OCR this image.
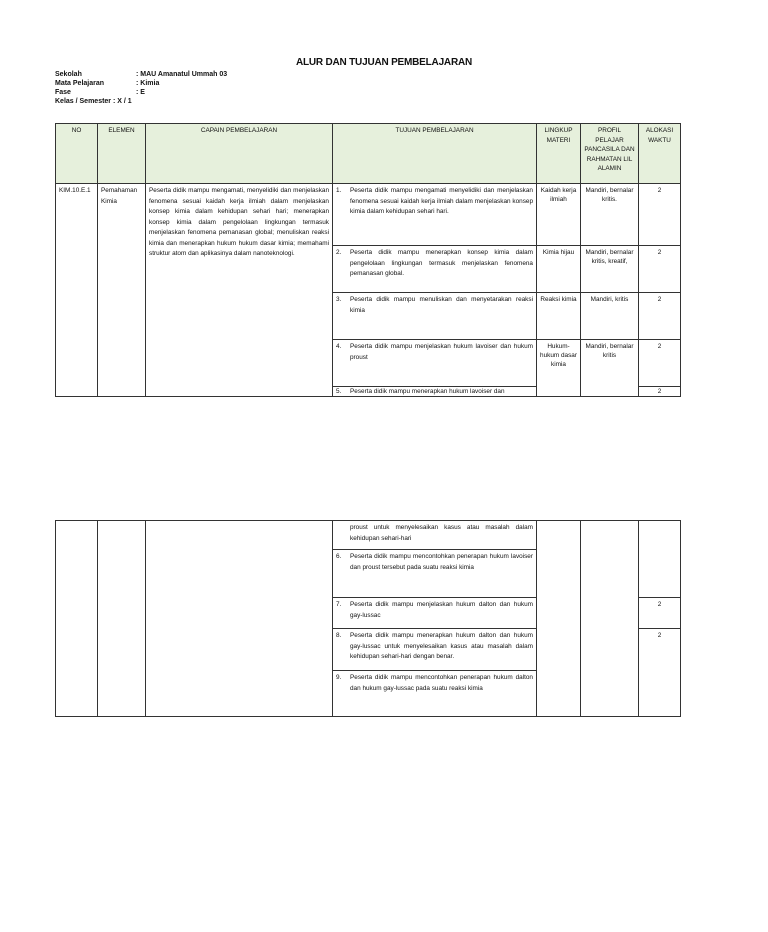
ALUR DAN TUJUAN PEMBELAJARAN
Sekolah	: MAU Amanatul Ummah 03
Mata Pelajaran	: Kimia
Fase	: E
Kelas / Semester : X / 1
NO	ELEMEN	CAPAIN PEMBELAJARAN	TUJUAN PEMBELAJARAN	LINGKUP MATERI	PROFIL PELAJAR PANCASILA DAN RAHMATAN LIL ALAMIN	ALOKASI WAKTU
KIM.10.E.1	Pemahaman Kimia	Peserta didik mampu mengamati, menyelidiki dan menjelaskan fenomena sesuai kaidah kerja ilmiah dalam menjelaskan konsep kimia dalam kehidupan sehari hari; menerapkan konsep kimia dalam pengelolaan lingkungan termasuk menjelaskan fenomena pemanasan global; menuliskan reaksi kimia dan menerapkan hukum hukum dasar kimia; memahami struktur atom dan aplikasinya dalam nanoteknologi.	1. Peserta didik mampu mengamati menyelidiki dan menjelaskan fenomena sesuai kaidah kerja ilmiah dalam menjelaskan konsep kimia dalam kehidupan sehari hari.	Kaidah kerja ilmiah	Mandiri, bernalar kritis.	2

			2. Peserta didik mampu menerapkan konsep kimia dalam pengelolaan lingkungan termasuk menjelaskan fenomena pemanasan global.	Kimia hijau	Mandiri, bernalar kritis, kreatif,	2

			3. Peserta didik mampu menuliskan dan menyetarakan reaksi kimia	Reaksi kimia	Mandiri, kritis	2

			4. Peserta didik mampu menjelaskan hukum lavoiser dan hukum proust	Hukum-hukum dasar kimia	Mandiri, bernalar kritis	2

			5. Peserta didik mampu menerapkan hukum lavoiser dan			2

			proust untuk menyelesaikan kasus atau masalah dalam kehidupan sehari-hari			

			6. Peserta didik mampu mencontohkan penerapan hukum lavoiser dan proust tersebut pada suatu reaksi kimia			

			7. Peserta didik mampu menjelaskan hukum dalton dan hukum gay-lussac			2

			8. Peserta didik mampu menerapkan hukum dalton dan hukum gay-lussac untuk menyelesaikan kasus atau masalah dalam kehidupan sehari-hari dengan benar.			2

			9. Peserta didik mampu mencontohkan penerapan hukum dalton dan hukum gay-lussac pada suatu reaksi kimia			
